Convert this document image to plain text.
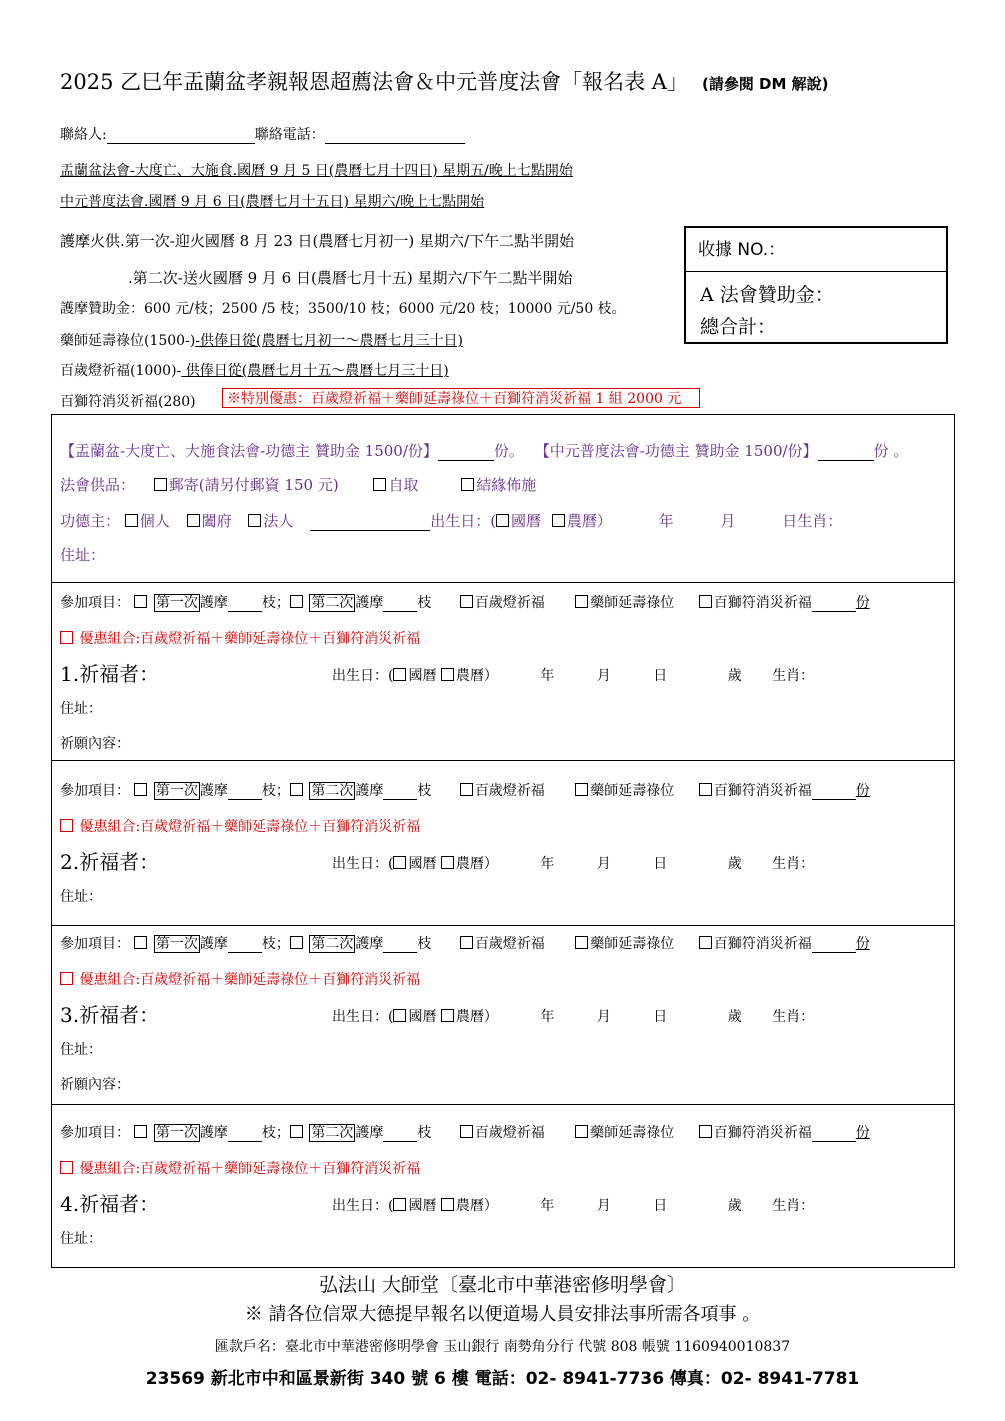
2025 乙巳年盂蘭盆孝親報恩超薦法會＆中元普度法會「報名表 A」 (請參閱 DM 解說)
聯絡人:	聯絡電話：
盂蘭盆法會-大度亡、大施食.國曆 9 月 5 日(農曆七月十四日) 星期五/晚上七點開始
中元普度法會.國曆 9 月 6 日(農曆七月十五日) 星期六/晚上七點開始
護摩火供.第一次-迎火國曆 8 月 23 日(農曆七月初一) 星期六/下午二點半開始
.第二次-送火國曆 9 月 6 日(農曆七月十五) 星期六/下午二點半開始
護摩贊助金：600 元/枝；2500 /5 枝；3500/10 枝；6000 元/20 枝；10000 元/50 枝。
藥師延壽祿位(1500-)-供俸日從(農曆七月初一～農曆七月三十日)
百歲燈祈福(1000)- 供俸日從(農曆七月十五～農曆七月三十日)
百獅符消災祈福(280)	※特別優惠：百歲燈祈福＋藥師延壽祿位＋百獅符消災祈福 1 組 2000 元
收據 NO.：
A 法會贊助金：
總合計：
【盂蘭盆-大度亡、大施食法會-功德主 贊助金 1500/份】	份。 【中元普度法會-功德主 贊助金 1500/份】	份 。
法會供品： 郵寄(請另付郵資 150 元)	自取	結緣佈施
功德主： 個人 闔府 法人	出生日：( 國曆 農曆）	年	月	日生肖：
住址：
參加項目： 第一次 護摩 枝； 第二次 護摩 枝	百歲燈祈福	藥師延壽祿位	百獅符消災祈福	份
優惠組合:百歲燈祈福＋藥師延壽祿位＋百獅符消災祈福
1.祈福者：	出生日：( 國曆 農曆）	年	月	日	歲 生肖：
住址：
祈願內容：
參加項目： 第一次 護摩 枝； 第二次 護摩 枝	百歲燈祈福	藥師延壽祿位	百獅符消災祈福	份
優惠組合:百歲燈祈福＋藥師延壽祿位＋百獅符消災祈福
2.祈福者：	出生日：( 國曆 農曆）	年	月	日	歲 生肖：
住址：
參加項目： 第一次 護摩 枝； 第二次 護摩 枝	百歲燈祈福	藥師延壽祿位	百獅符消災祈福	份
優惠組合:百歲燈祈福＋藥師延壽祿位＋百獅符消災祈福
3.祈福者：	出生日：( 國曆 農曆）	年	月	日	歲 生肖：
住址：
祈願內容：
參加項目： 第一次 護摩 枝； 第二次 護摩 枝	百歲燈祈福	藥師延壽祿位	百獅符消災祈福	份
優惠組合:百歲燈祈福＋藥師延壽祿位＋百獅符消災祈福
4.祈福者：	出生日：( 國曆 農曆）	年	月	日	歲 生肖：
住址：
弘法山 大師堂〔臺北市中華港密修明學會〕
※ 請各位信眾大德提早報名以便道場人員安排法事所需各項事 。
匯款戶名：臺北市中華港密修明學會 玉山銀行 南勢角分行 代號 808 帳號 1160940010837
23569 新北市中和區景新街 340 號 6 樓 電話：02- 8941-7736 傳真：02- 8941-7781
